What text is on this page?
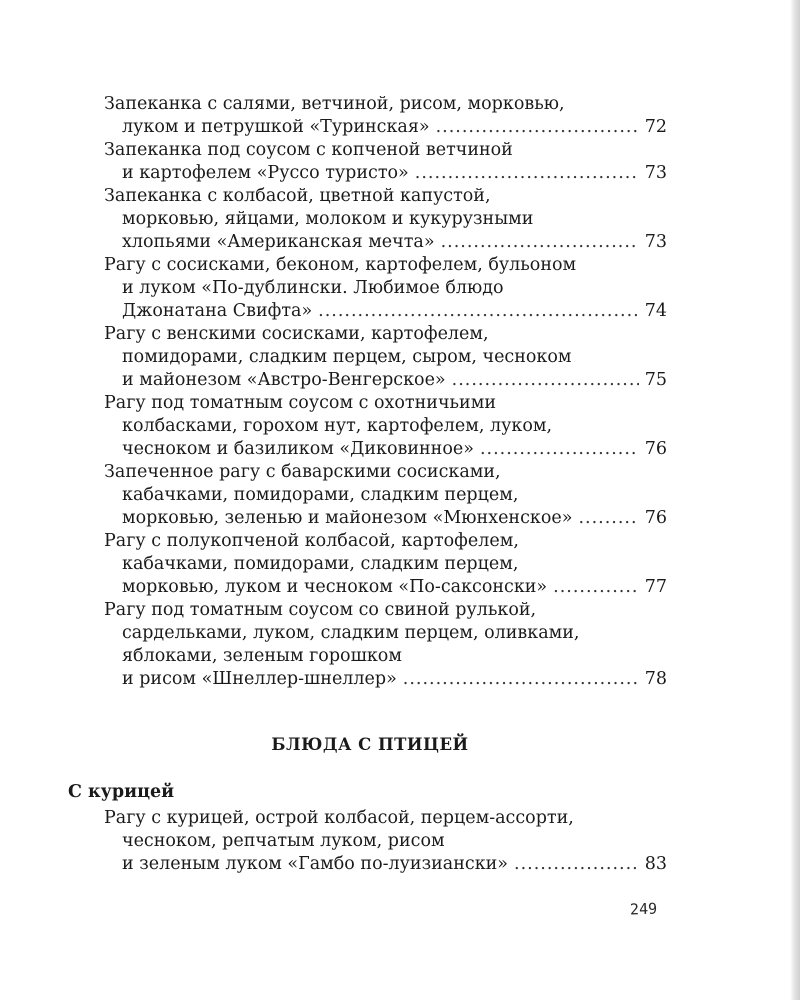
Запеканка с салями, ветчиной, рисом, морковью,
луком и петрушкой «Туринская» .....	72
Запеканка под соусом с копченой ветчиной
и картофелем «Руссо туристо» .....	73
Запеканка с колбасой, цветной капустой,
морковью, яйцами, молоком и кукурузными
хлопьями «Американская мечта» .....	73
Рагу с сосисками, беконом, картофелем, бульоном
и луком «По-дублински. Любимое блюдо
Джонатана Свифта» .....	74
Рагу с венскими сосисками, картофелем,
помидорами, сладким перцем, сыром, чесноком
и майонезом «Австро-Венгерское» .....	75
Рагу под томатным соусом с охотничьими
колбасками, горохом нут, картофелем, луком,
чесноком и базиликом «Диковинное» .....	76
Запеченное рагу с баварскими сосисками,
кабачками, помидорами, сладким перцем,
морковью, зеленью и майонезом «Мюнхенское» .....	76
Рагу с полукопченой колбасой, картофелем,
кабачками, помидорами, сладким перцем,
морковью, луком и чесноком «По-саксонски» .....	77
Рагу под томатным соусом со свиной рулькой,
сардельками, луком, сладким перцем, оливками,
яблоками, зеленым горошком
и рисом «Шнеллер-шнеллер» .....	78
БЛЮДА С ПТИЦЕЙ
С курицей
Рагу с курицей, острой колбасой, перцем-ассорти,
чесноком, репчатым луком, рисом
и зеленым луком «Гамбо по-луизиански» .....	83
249
